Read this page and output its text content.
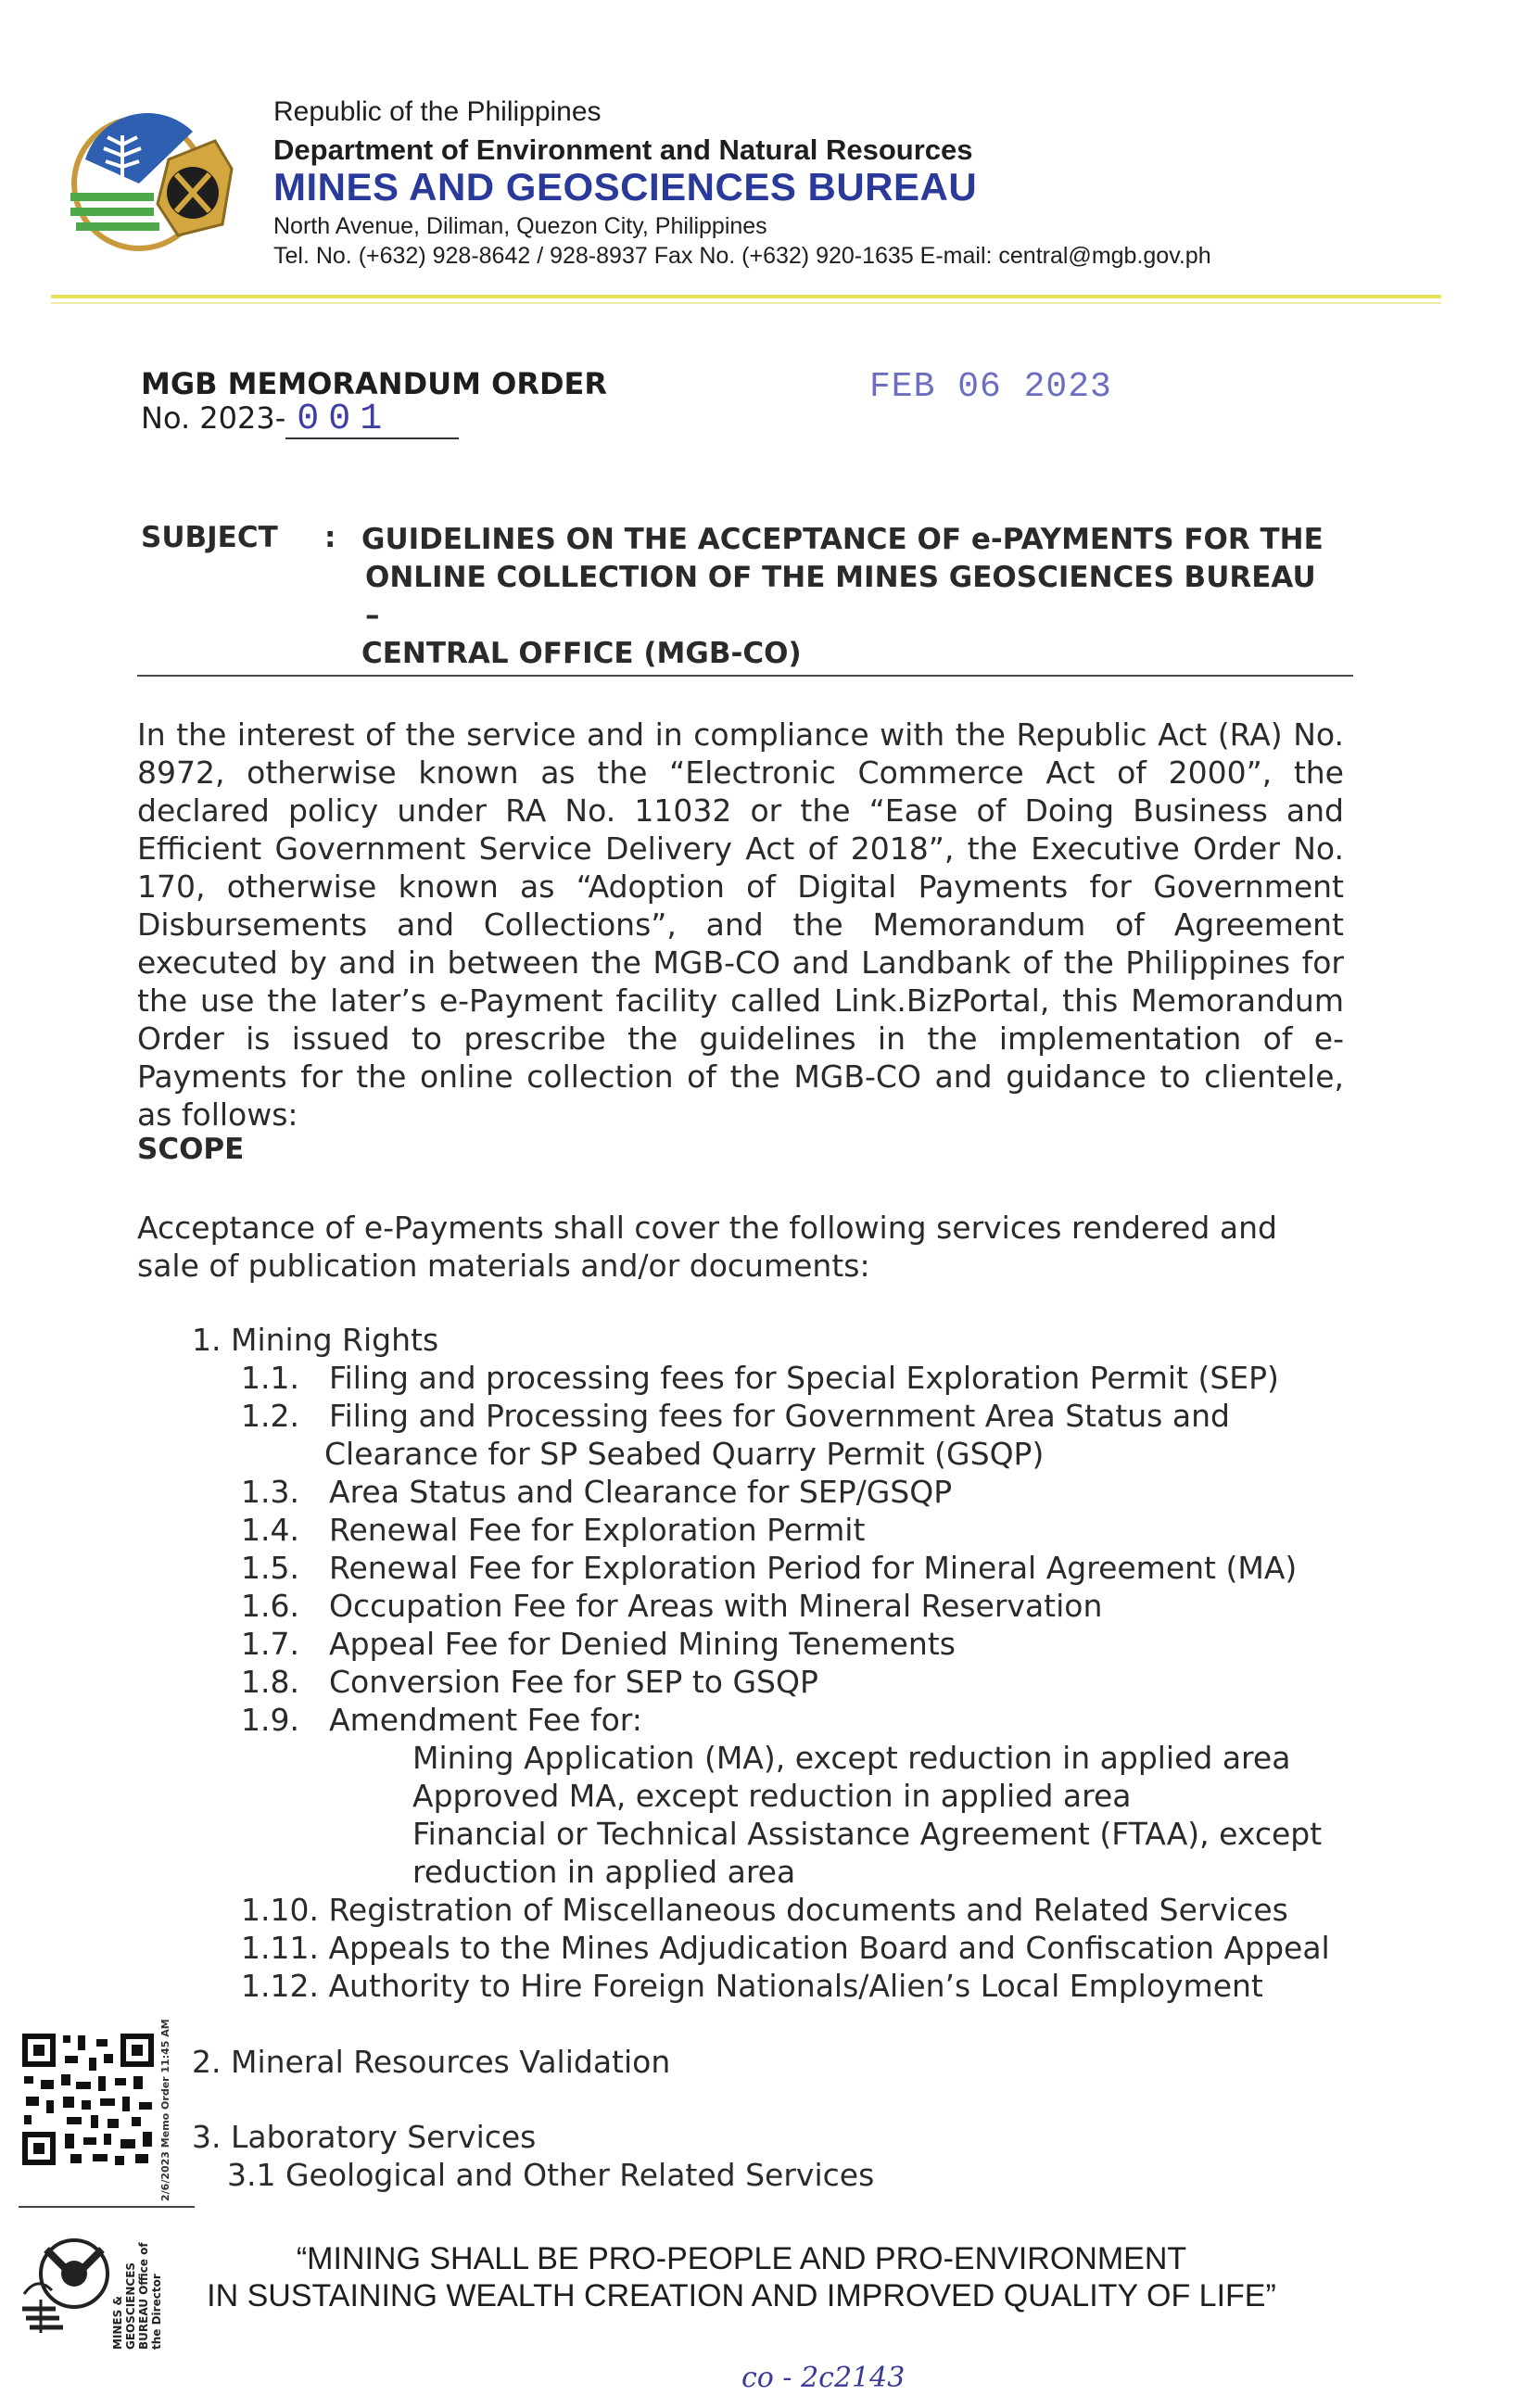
Republic of the Philippines
Department of Environment and Natural Resources
MINES AND GEOSCIENCES BUREAU
North Avenue, Diliman, Quezon City, Philippines
Tel. No. (+632) 928-8642 / 928-8937 Fax No. (+632) 920-1635 E-mail: central@mgb.gov.ph
MGB MEMORANDUM ORDER
No. 2023- 001
FEB 06 2023
SUBJECT : GUIDELINES ON THE ACCEPTANCE OF e-PAYMENTS FOR THE
ONLINE COLLECTION OF THE MINES GEOSCIENCES BUREAU –
CENTRAL OFFICE (MGB-CO)
In the interest of the service and in compliance with the Republic Act (RA) No. 8972, otherwise known as the “Electronic Commerce Act of 2000”, the declared policy under RA No. 11032 or the “Ease of Doing Business and Efficient Government Service Delivery Act of 2018”, the Executive Order No. 170, otherwise known as “Adoption of Digital Payments for Government Disbursements and Collections”, and the Memorandum of Agreement executed by and in between the MGB-CO and Landbank of the Philippines for the use the later’s e-Payment facility called Link.BizPortal, this Memorandum Order is issued to prescribe the guidelines in the implementation of e-Payments for the online collection of the MGB-CO and guidance to clientele, as follows:
SCOPE
Acceptance of e-Payments shall cover the following services rendered and sale of publication materials and/or documents:
1. Mining Rights
1.1. Filing and processing fees for Special Exploration Permit (SEP)
1.2. Filing and Processing fees for Government Area Status and
Clearance for SP Seabed Quarry Permit (GSQP)
1.3. Area Status and Clearance for SEP/GSQP
1.4. Renewal Fee for Exploration Permit
1.5. Renewal Fee for Exploration Period for Mineral Agreement (MA)
1.6. Occupation Fee for Areas with Mineral Reservation
1.7. Appeal Fee for Denied Mining Tenements
1.8. Conversion Fee for SEP to GSQP
1.9. Amendment Fee for:
Mining Application (MA), except reduction in applied area
Approved MA, except reduction in applied area
Financial or Technical Assistance Agreement (FTAA), except
reduction in applied area
1.10. Registration of Miscellaneous documents and Related Services
1.11. Appeals to the Mines Adjudication Board and Confiscation Appeal
1.12. Authority to Hire Foreign Nationals/Alien’s Local Employment
2. Mineral Resources Validation
3. Laboratory Services
3.1 Geological and Other Related Services
2/6/2023 Memo Order 11:45 AM
MINES & GEOSCIENCES BUREAU Office of the Director
“MINING SHALL BE PRO-PEOPLE AND PRO-ENVIRONMENT
IN SUSTAINING WEALTH CREATION AND IMPROVED QUALITY OF LIFE”
co - 2c2143
